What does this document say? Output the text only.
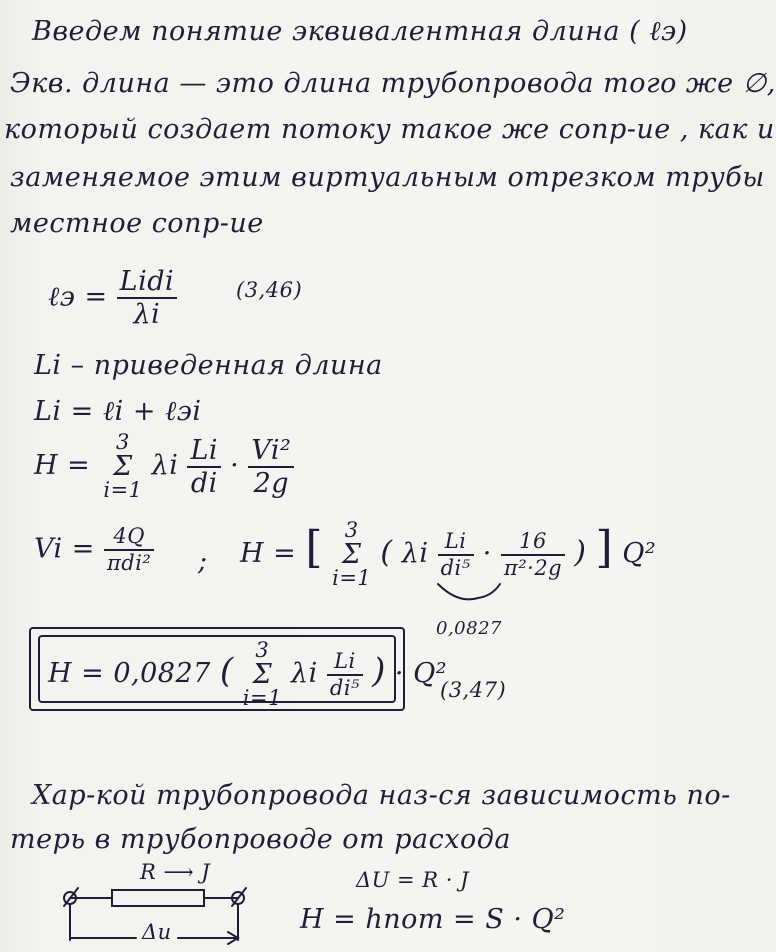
Введем понятие эквивалентная длина ( ℓэ)
Экв. длина — это длина трубопровода того же ∅,
который создает потоку такое же сопр-ие , как и
заменяемое этим виртуальным отрезком трубы
местное сопр-ие
ℓэ = $\frac{\text{Lidi}}{\lambda i}$	(3,46)
Li – приведенная длина
Li = ℓi + ℓэi
H =
3
Σ
i=1
λi $\frac{Li}{di} \cdot \frac{\text{Vi²}}{2g}$
$Vi = \frac{4Q}{\text{πdi²}}$ ; H = [ 3
Σ
i=1
( λi $\frac{Li}{\text{di⁵}} \cdot \frac{16}{\text{π²·2g}}$ ) ] Q²
0,0827
H = 0,0827 (
3
Σ
i=1
λi $\frac{Li}{\text{di⁵}}$ ) · Q²
(3,47)
Хар-кой трубопровода наз-ся зависимость по-
терь в трубопроводе от расхода
R ⟶ J
Δu
ΔU = R · J
H = hпот = S · Q²
